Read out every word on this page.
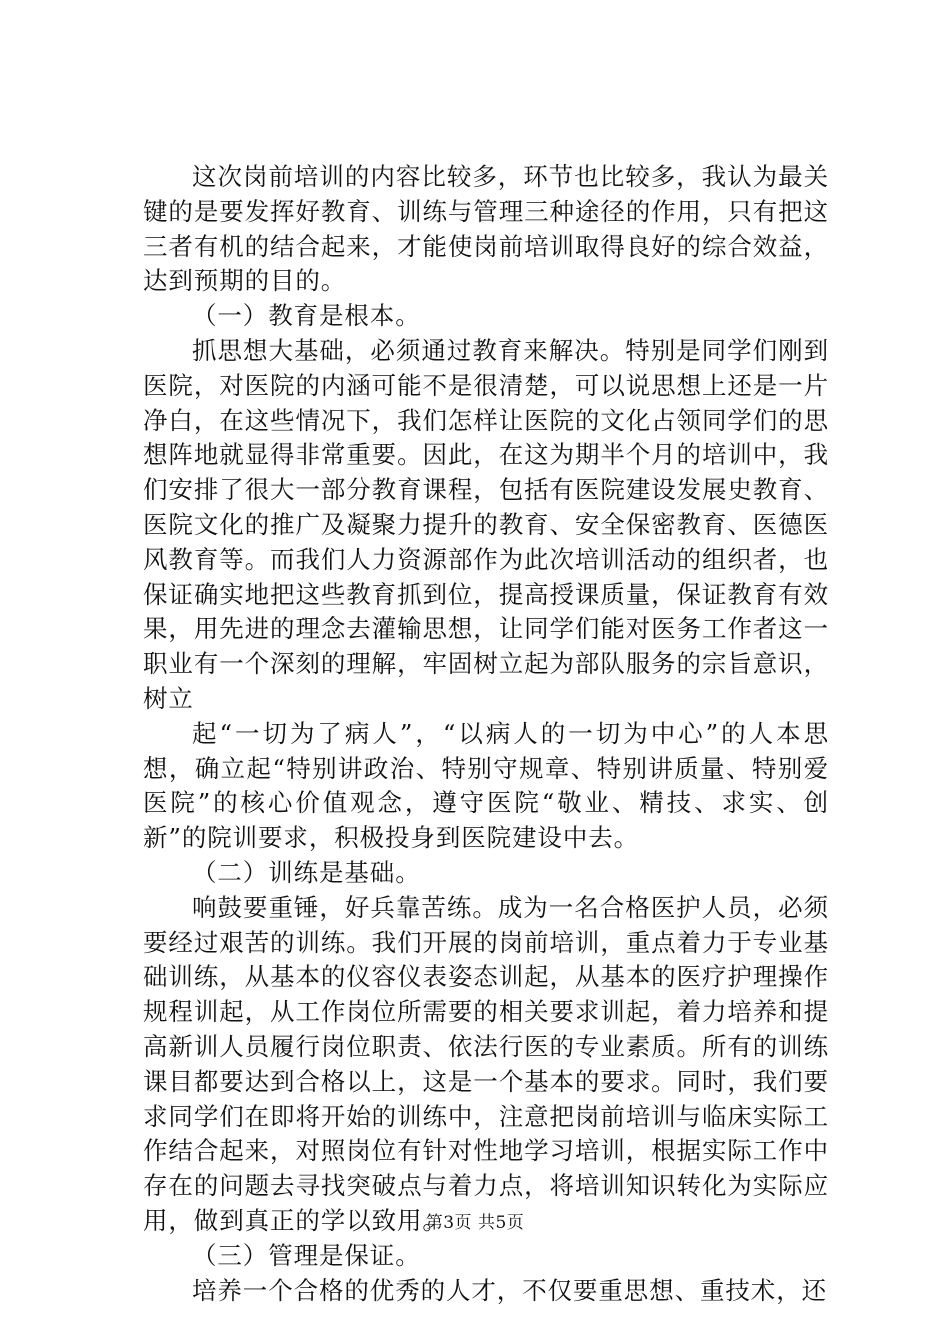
这次岗前培训的内容比较多，环节也比较多，我认为最关键的是要发挥好教育、训练与管理三种途径的作用，只有把这三者有机的结合起来，才能使岗前培训取得良好的综合效益，达到预期的目的。

（一）教育是根本。

抓思想大基础，必须通过教育来解决。特别是同学们刚到医院，对医院的内涵可能不是很清楚，可以说思想上还是一片净白，在这些情况下，我们怎样让医院的文化占领同学们的思想阵地就显得非常重要。因此，在这为期半个月的培训中，我们安排了很大一部分教育课程，包括有医院建设发展史教育、医院文化的推广及凝聚力提升的教育、安全保密教育、医德医风教育等。而我们人力资源部作为此次培训活动的组织者，也保证确实地把这些教育抓到位，提高授课质量，保证教育有效果，用先进的理念去灌输思想，让同学们能对医务工作者这一职业有一个深刻的理解，牢固树立起为部队服务的宗旨意识，树立

起“一切为了病人”，“以病人的一切为中心”的人本思想，确立起“特别讲政治、特别守规章、特别讲质量、特别爱医院”的核心价值观念，遵守医院“敬业、精技、求实、创新”的院训要求，积极投身到医院建设中去。

（二）训练是基础。

响鼓要重锤，好兵靠苦练。成为一名合格医护人员，必须要经过艰苦的训练。我们开展的岗前培训，重点着力于专业基础训练，从基本的仪容仪表姿态训起，从基本的医疗护理操作规程训起，从工作岗位所需要的相关要求训起，着力培养和提高新训人员履行岗位职责、依法行医的专业素质。所有的训练课目都要达到合格以上，这是一个基本的要求。同时，我们要求同学们在即将开始的训练中，注意把岗前培训与临床实际工作结合起来，对照岗位有针对性地学习培训，根据实际工作中存在的问题去寻找突破点与着力点，将培训知识转化为实际应用，做到真正的学以致用。

（三）管理是保证。

培养一个合格的优秀的人才，不仅要重思想、重技术，还

第3页 共5页
